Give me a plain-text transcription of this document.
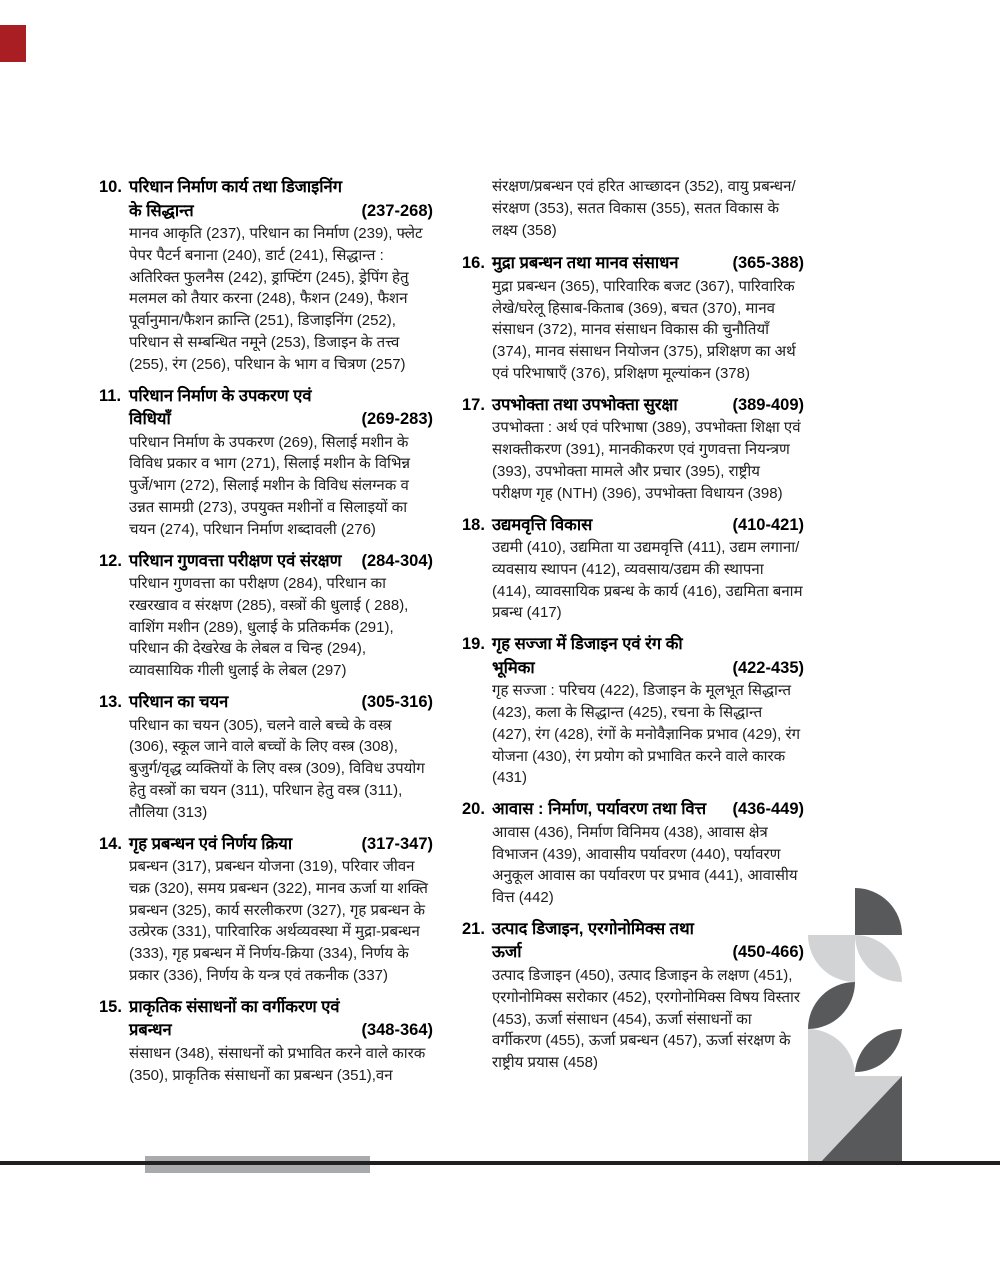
10. परिधान निर्माण कार्य तथा डिजाइनिंग के सिद्धान्त	(237-268)
मानव आकृति (237), परिधान का निर्माण (239), फ्लेट पेपर पैटर्न बनाना (240), डार्ट (241), सिद्धान्त : अतिरिक्त फुलनैस (242), ड्राफ्टिंग (245), ड्रेपिंग हेतु मलमल को तैयार करना (248), फैशन (249), फैशन पूर्वानुमान/फैशन क्रान्ति (251), डिजाइनिंग (252), परिधान से सम्बन्धित नमूने (253), डिजाइन के तत्त्व (255), रंग (256), परिधान के भाग व चित्रण (257)
11. परिधान निर्माण के उपकरण एवं विधियाँ	(269-283)
परिधान निर्माण के उपकरण (269), सिलाई मशीन के विविध प्रकार व भाग (271), सिलाई मशीन के विभिन्न पुर्जे/भाग (272), सिलाई मशीन के विविध संलग्नक व उन्नत सामग्री (273), उपयुक्त मशीनों व सिलाइयों का चयन (274), परिधान निर्माण शब्दावली (276)
12. परिधान गुणवत्ता परीक्षण एवं संरक्षण	(284-304)
परिधान गुणवत्ता का परीक्षण (284), परिधान का रखरखाव व संरक्षण (285), वस्त्रों की धुलाई ( 288), वाशिंग मशीन (289), धुलाई के प्रतिकर्मक (291), परिधान की देखरेख के लेबल व चिन्ह (294), व्यावसायिक गीली धुलाई के लेबल (297)
13. परिधान का चयन	(305-316)
परिधान का चयन (305), चलने वाले बच्चे के वस्त्र (306), स्कूल जाने वाले बच्चों के लिए वस्त्र (308), बुजुर्ग/वृद्ध व्यक्तियों के लिए वस्त्र (309), विविध उपयोग हेतु वस्त्रों का चयन (311), परिधान हेतु वस्त्र (311), तौलिया (313)
14. गृह प्रबन्धन एवं निर्णय क्रिया	(317-347)
प्रबन्धन (317), प्रबन्धन योजना (319), परिवार जीवन चक्र (320), समय प्रबन्धन (322), मानव ऊर्जा या शक्ति प्रबन्धन (325), कार्य सरलीकरण (327), गृह प्रबन्धन के उत्प्रेरक (331), पारिवारिक अर्थव्यवस्था में मुद्रा-प्रबन्धन (333), गृह प्रबन्धन में निर्णय-क्रिया (334), निर्णय के प्रकार (336), निर्णय के यन्त्र एवं तकनीक (337)
15. प्राकृतिक संसाधनों का वर्गीकरण एवं प्रबन्धन	(348-364)
संसाधन (348), संसाधनों को प्रभावित करने वाले कारक (350), प्राकृतिक संसाधनों का प्रबन्धन (351),वन
संरक्षण/प्रबन्धन एवं हरित आच्छादन (352), वायु प्रबन्धन/संरक्षण (353), सतत विकास (355), सतत विकास के लक्ष्य (358)
16. मुद्रा प्रबन्धन तथा मानव संसाधन	(365-388)
मुद्रा प्रबन्धन (365), पारिवारिक बजट (367), पारिवारिक लेखे/घरेलू हिसाब-किताब (369), बचत (370), मानव संसाधन (372), मानव संसाधन विकास की चुनौतियाँ (374), मानव संसाधन नियोजन (375), प्रशिक्षण का अर्थ एवं परिभाषाएँ (376), प्रशिक्षण मूल्यांकन (378)
17. उपभोक्ता तथा उपभोक्ता सुरक्षा	(389-409)
उपभोक्ता : अर्थ एवं परिभाषा (389), उपभोक्ता शिक्षा एवं सशक्तीकरण (391), मानकीकरण एवं गुणवत्ता नियन्त्रण (393), उपभोक्ता मामले और प्रचार (395), राष्ट्रीय परीक्षण गृह (NTH) (396), उपभोक्ता विधायन (398)
18. उद्यमवृत्ति विकास	(410-421)
उद्यमी (410), उद्यमिता या उद्यमवृत्ति (411), उद्यम लगाना/ व्यवसाय स्थापन (412), व्यवसाय/उद्यम की स्थापना (414), व्यावसायिक प्रबन्ध के कार्य (416), उद्यमिता बनाम प्रबन्ध (417)
19. गृह सज्जा में डिजाइन एवं रंग की भूमिका	(422-435)
गृह सज्जा : परिचय (422), डिजाइन के मूलभूत सिद्धान्त (423), कला के सिद्धान्त (425), रचना के सिद्धान्त (427), रंग (428), रंगों के मनोवैज्ञानिक प्रभाव (429), रंग योजना (430), रंग प्रयोग को प्रभावित करने वाले कारक (431)
20. आवास : निर्माण, पर्यावरण तथा वित्त	(436-449)
आवास (436), निर्माण विनिमय (438), आवास क्षेत्र विभाजन (439), आवासीय पर्यावरण (440), पर्यावरण अनुकूल आवास का पर्यावरण पर प्रभाव (441), आवासीय वित्त (442)
21. उत्पाद डिजाइन, एरगोनोमिक्स तथा ऊर्जा	(450-466)
उत्पाद डिजाइन (450), उत्पाद डिजाइन के लक्षण (451), एरगोनोमिक्स सरोकार (452), एरगोनोमिक्स विषय विस्तार (453), ऊर्जा संसाधन (454), ऊर्जा संसाधनों का वर्गीकरण (455), ऊर्जा प्रबन्धन (457), ऊर्जा संरक्षण के राष्ट्रीय प्रयास (458)
